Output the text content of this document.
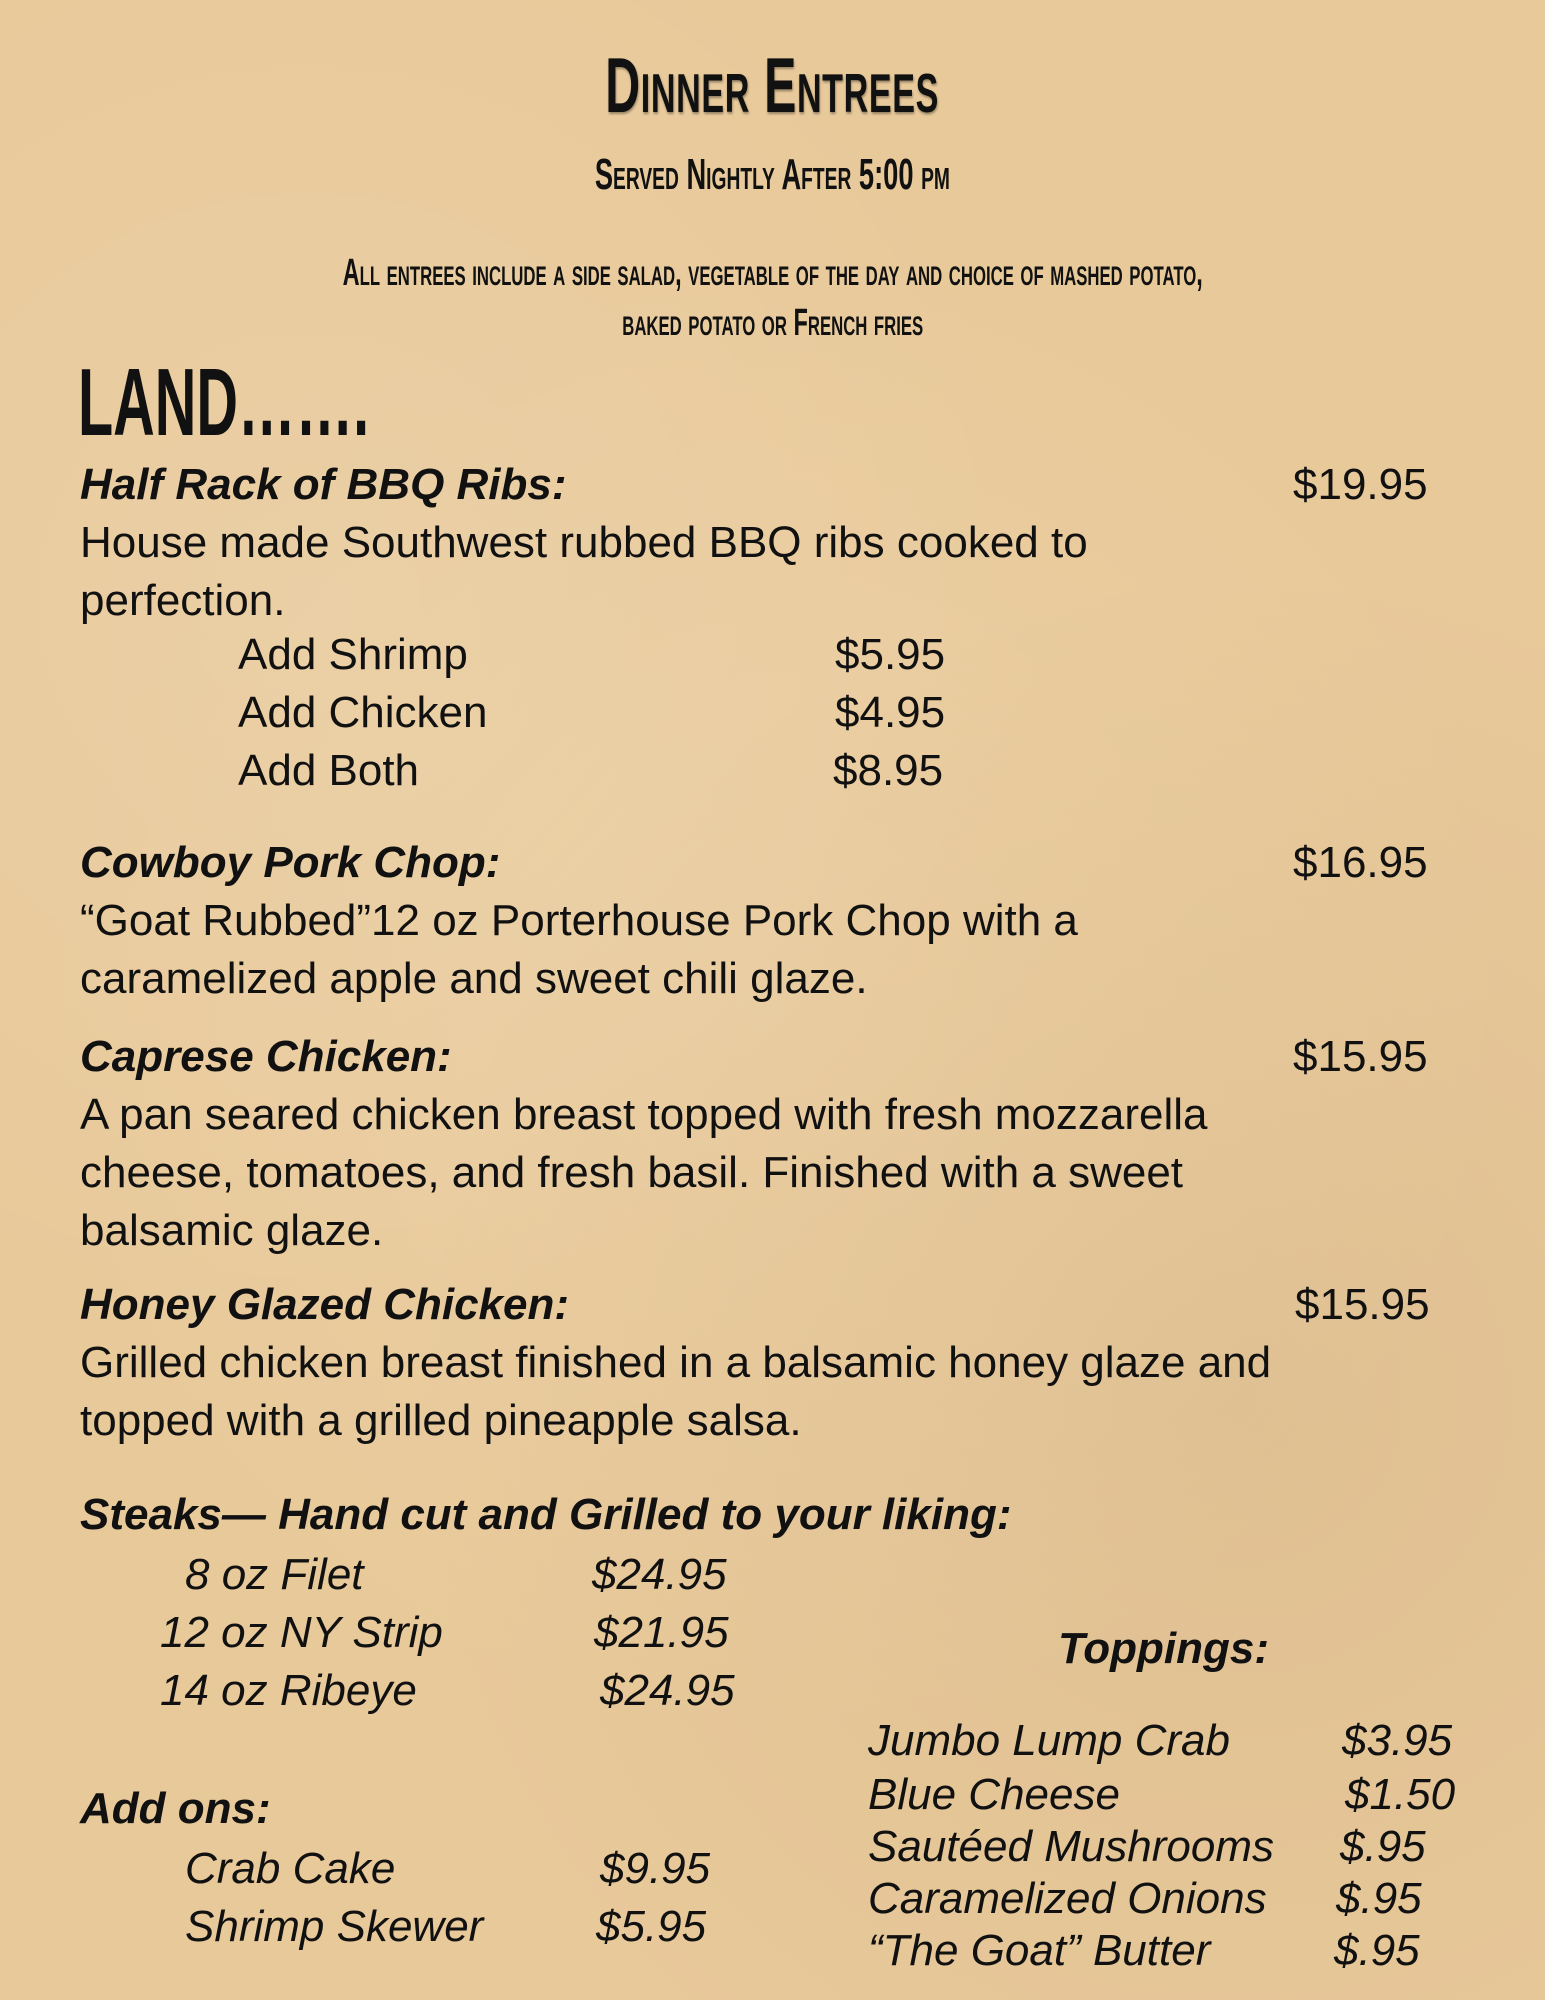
Dinner Entrees
Served Nightly After 5:00 pm
All entrees include a side salad, vegetable of the day and choice of mashed potato,
baked potato or French fries
LAND…….
Half Rack of BBQ Ribs:	$19.95
House made Southwest rubbed BBQ ribs cooked to
perfection.
Add Shrimp	$5.95
Add Chicken	$4.95
Add Both	$8.95
Cowboy Pork Chop:	$16.95
“Goat Rubbed”12 oz Porterhouse Pork Chop with a
caramelized apple and sweet chili glaze.
Caprese Chicken:	$15.95
A pan seared chicken breast topped with fresh mozzarella
cheese, tomatoes, and fresh basil. Finished with a sweet
balsamic glaze.
Honey Glazed Chicken:	$15.95
Grilled chicken breast finished in a balsamic honey glaze and
topped with a grilled pineapple salsa.
Steaks— Hand cut and Grilled to your liking:
8 oz Filet	$24.95
12 oz NY Strip	$21.95
14 oz Ribeye	$24.95
Add ons:
Crab Cake	$9.95
Shrimp Skewer	$5.95
Toppings:
Jumbo Lump Crab	$3.95
Blue Cheese	$1.50
Sautéed Mushrooms $.95
Caramelized Onions $.95
“The Goat” Butter	$.95
